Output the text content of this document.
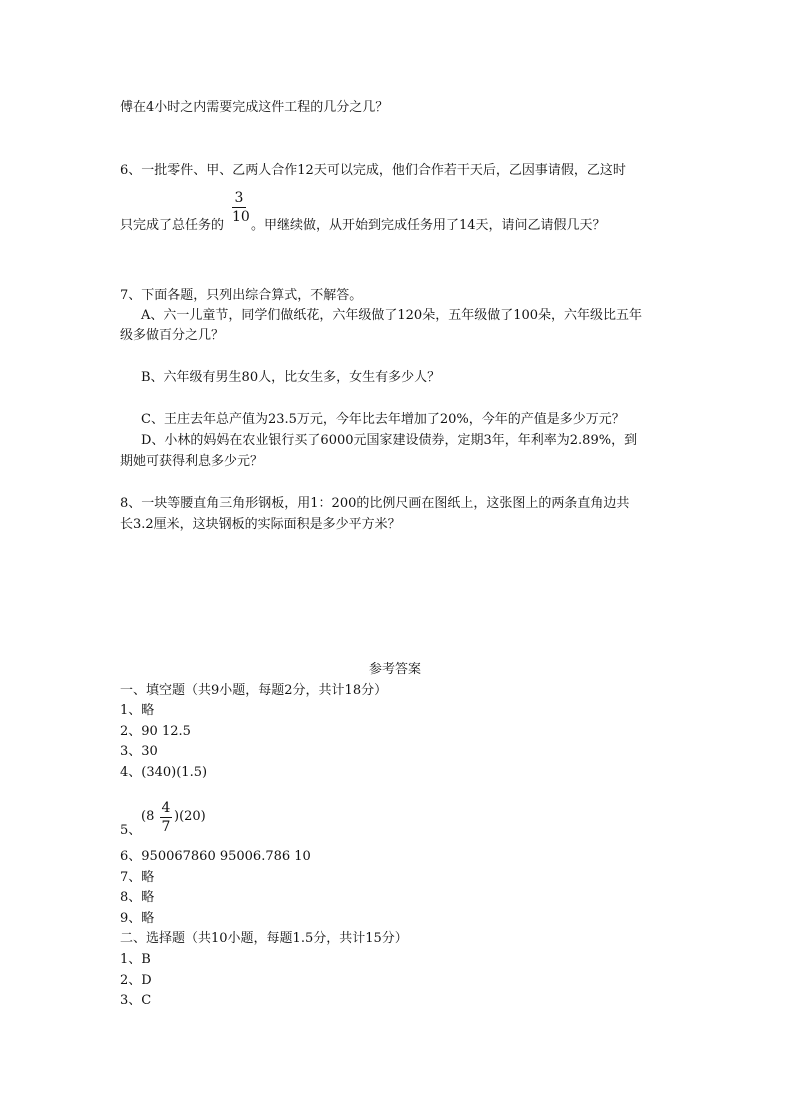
傅在4小时之内需要完成这件工程的几分之几？
6、一批零件、甲、乙两人合作12天可以完成，他们合作若干天后，乙因事请假，乙这时
3
10
只完成了总任务的 。甲继续做，从开始到完成任务用了14天，请问乙请假几天？
7、下面各题，只列出综合算式，不解答。
A、六一儿童节，同学们做纸花，六年级做了120朵，五年级做了100朵，六年级比五年
级多做百分之几？
B、六年级有男生80人，比女生多，女生有多少人？
C、王庄去年总产值为23.5万元，今年比去年增加了20%，今年的产值是多少万元？
D、小林的妈妈在农业银行买了6000元国家建设债券，定期3年，年利率为2.89%，到
期她可获得利息多少元？
8、一块等腰直角三角形钢板，用1：200的比例尺画在图纸上，这张图上的两条直角边共
长3.2厘米，这块钢板的实际面积是多少平方米？
参考答案
一、填空题（共9小题，每题2分，共计18分）
1、略
2、90 12.5
3、30
4、(340)(1.5)
(8
4
7
)(20)
5、
6、950067860 95006.786 10
7、略
8、略
9、略
二、选择题（共10小题，每题1.5分，共计15分）
1、B
2、D
3、C
